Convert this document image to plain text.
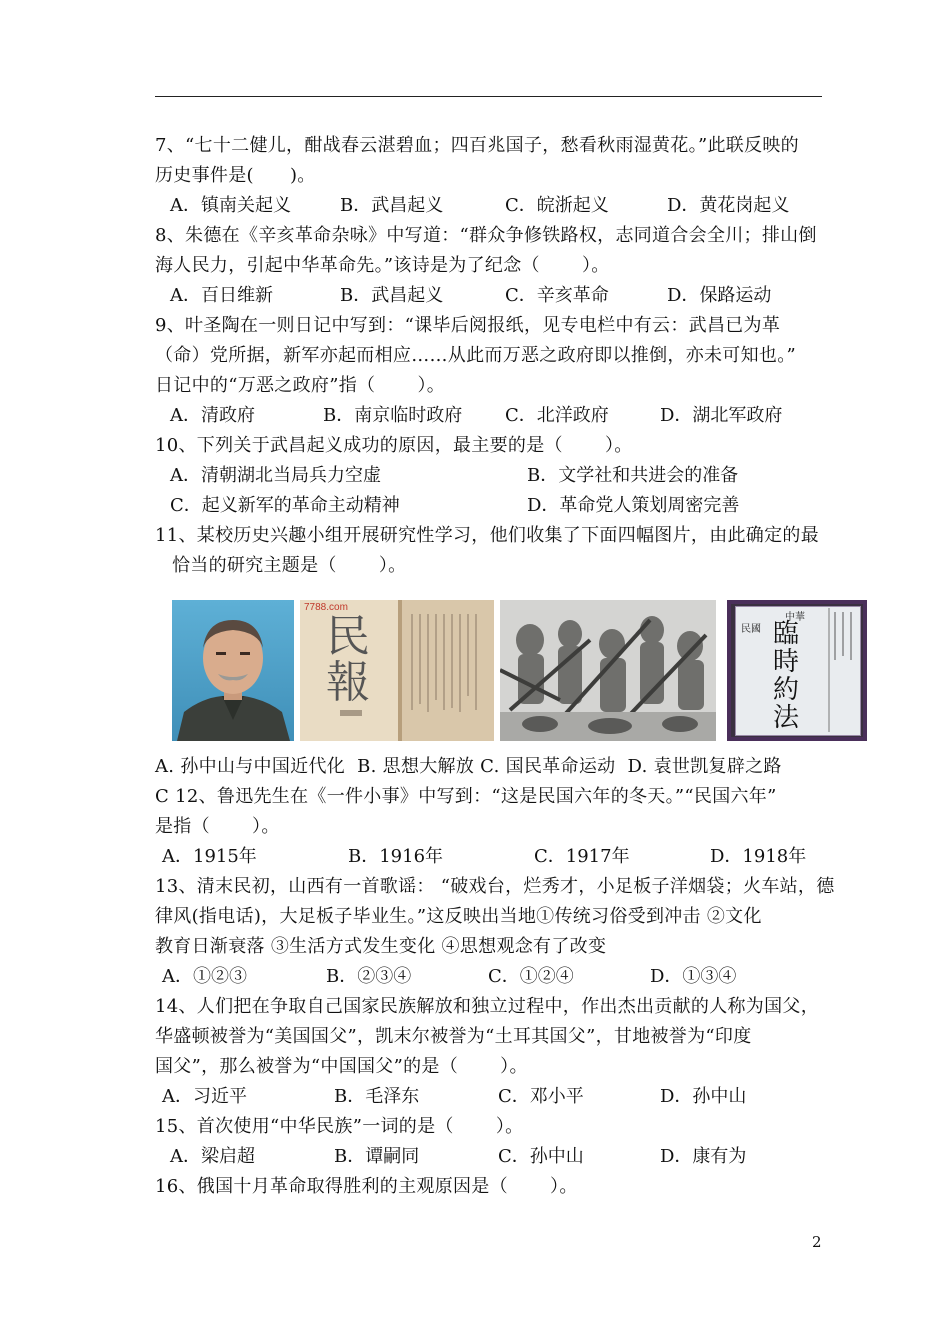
7、“七十二健儿，酣战春云湛碧血；四百兆国子，愁看秋雨湿黄花。”此联反映的
历史事件是(      )。

A．镇南关起义

	B．武昌起义

	C．皖浙起义

	D．黄花岗起义

8、朱德在《辛亥革命杂咏》中写道：“群众争修铁路权，志同道合会全川；排山倒
海人民力，引起中华革命先。”该诗是为了纪念（       ）。

A．百日维新

	B．武昌起义

	C．辛亥革命

	D．保路运动

9、叶圣陶在一则日记中写到：“课毕后阅报纸，见专电栏中有云：武昌已为革
（命）党所据，新军亦起而相应……从此而万恶之政府即以推倒，亦未可知也。”
日记中的“万恶之政府”指（       ）。

A．清政府

	B．南京临时政府

C．北洋政府

	D．湖北军政府

10、下列关于武昌起义成功的原因，最主要的是（       ）。

A．清朝湖北当局兵力空虚

	B．文学社和共进会的准备

C．起义新军的革命主动精神

	D．革命党人策划周密完善

11、某校历史兴趣小组开展研究性学习，他们收集了下面四幅图片，由此确定的最
恰当的研究主题是（       ）。
7788.com
民
報
中華
民國 臨
時
約
法
A. 孙中山与中国近代化  B. 思想大解放 C. 国民革命运动  D. 袁世凯复辟之路
C 12、鲁迅先生在《一件小事》中写到：“这是民国六年的冬天。”“民国六年”
是指（       ）。

A．1915年

	B．1916年

	C．1917年

	D．1918年

13、清末民初，山西有一首歌谣： “破戏台，烂秀才，小足板子洋烟袋；火车站，德
律风(指电话)，大足板子毕业生。”这反映出当地①传统习俗受到冲击 ②文化
教育日渐衰落 ③生活方式发生变化 ④思想观念有了改变

A．①②③

	B．②③④

	C．①②④

	D．①③④

14、人们把在争取自己国家民族解放和独立过程中，作出杰出贡献的人称为国父，
华盛顿被誉为“美国国父”，凯末尔被誉为“土耳其国父”，甘地被誉为“印度
国父”，那么被誉为“中国国父”的是（       ）。

A．习近平

	B．毛泽东

	C．邓小平

	D．孙中山

15、首次使用“中华民族”一词的是（       ）。

A．梁启超

	B．谭嗣同

	C．孙中山

	D．康有为

16、俄国十月革命取得胜利的主观原因是（       ）。
2
